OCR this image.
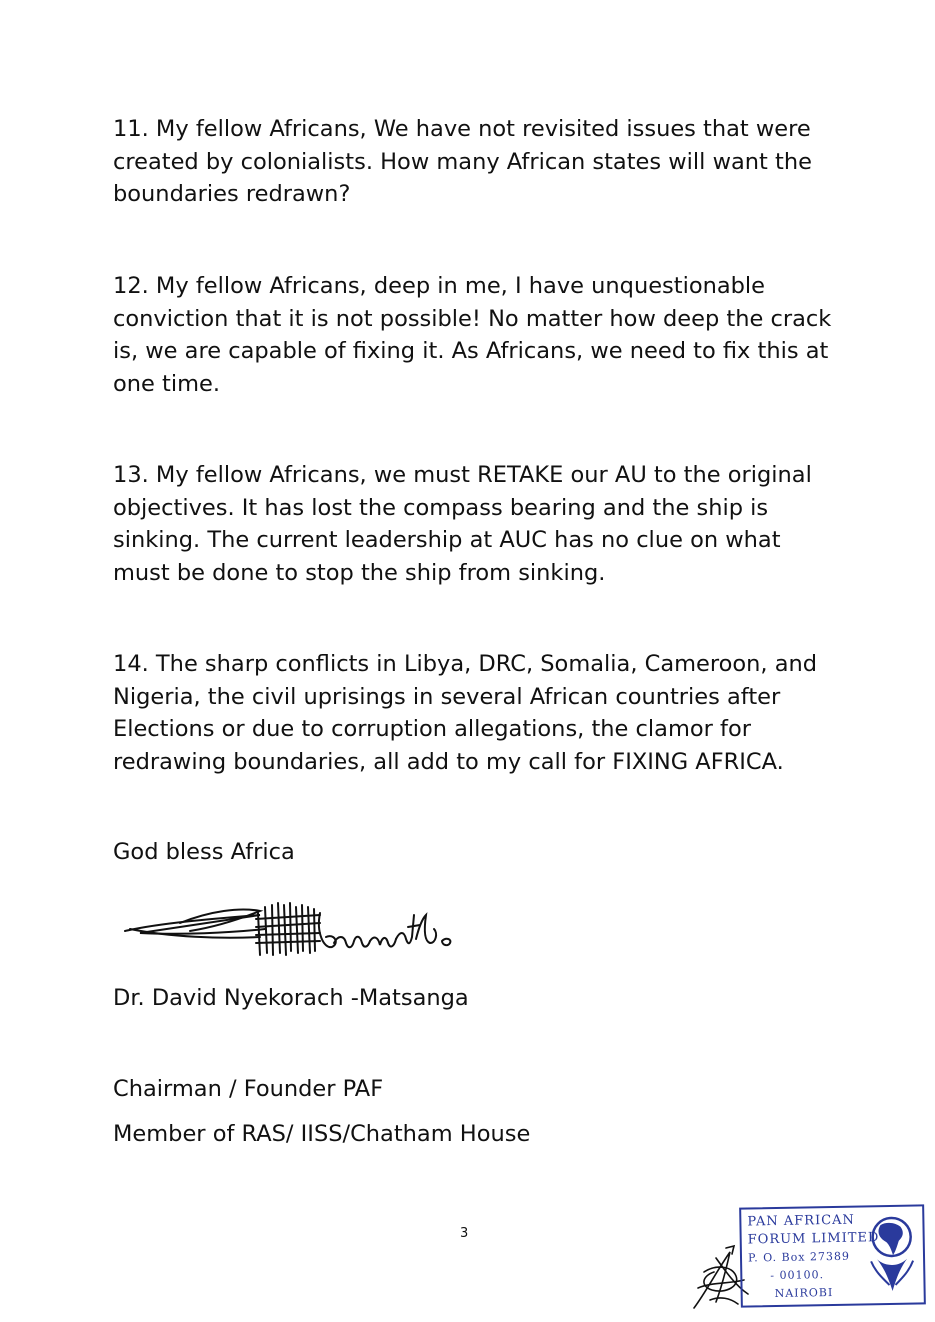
11. My fellow Africans, We have not revisited issues that were created by colonialists. How many African states will want the boundaries redrawn?

12. My fellow Africans, deep in me, I have unquestionable conviction that it is not possible! No matter how deep the crack is, we are capable of fixing it. As Africans, we need to fix this at one time.

13. My fellow Africans, we must RETAKE our AU to the original objectives. It has lost the compass bearing and the ship is sinking. The current leadership at AUC has no clue on what must be done to stop the ship from sinking.

14. The sharp conflicts in Libya, DRC, Somalia, Cameroon, and Nigeria, the civil uprisings in several African countries after Elections or due to corruption allegations, the clamor for redrawing boundaries, all add to my call for FIXING AFRICA.

God bless Africa
Dr. David Nyekorach -Matsanga
Chairman / Founder PAF
Member of RAS/ IISS/Chatham House
3
PAN AFRICAN
FORUM LIMITED
P. O. Box 27389
- 00100.
NAIROBI
